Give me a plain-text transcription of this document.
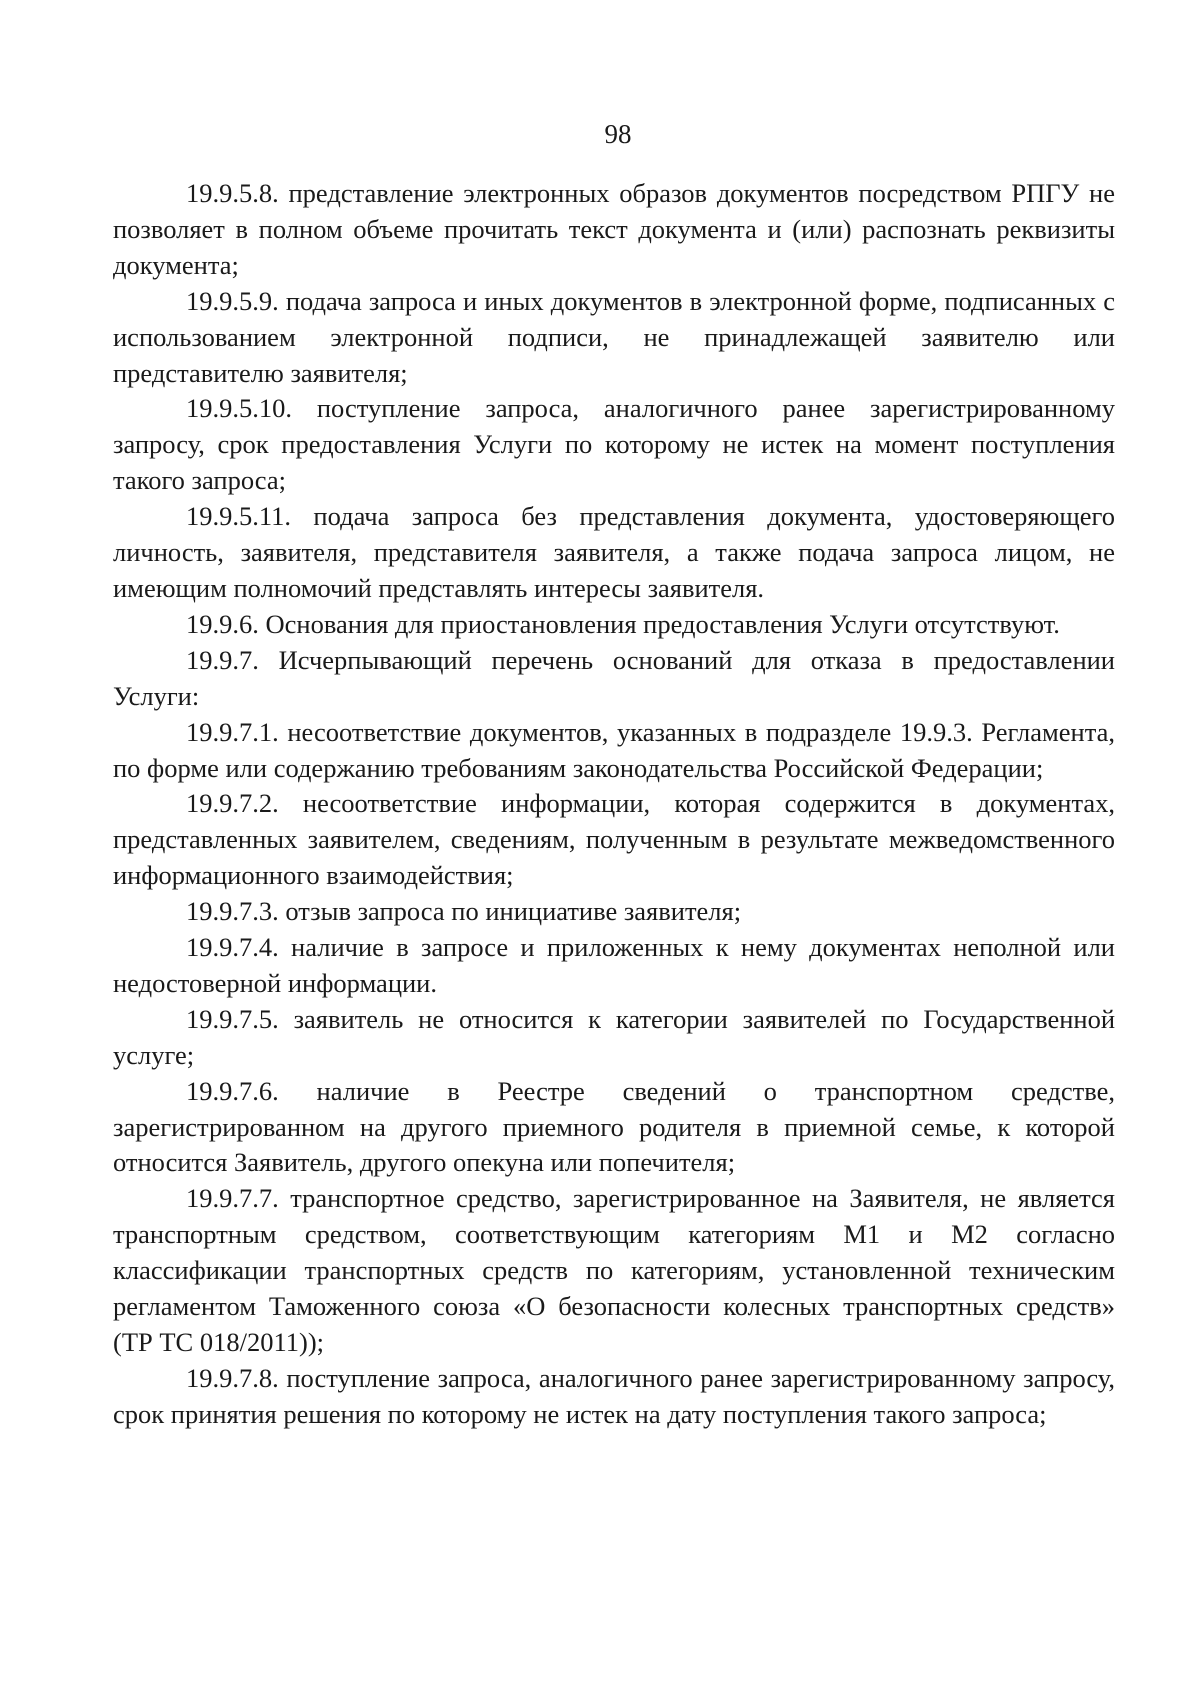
98

19.9.5.8. представление электронных образов документов посредством РПГУ не позволяет в полном объеме прочитать текст документа и (или) распознать реквизиты документа;

19.9.5.9. подача запроса и иных документов в электронной форме, подписанных с использованием электронной подписи, не принадлежащей заявителю или представителю заявителя;

19.9.5.10. поступление запроса, аналогичного ранее зарегистрированному запросу, срок предоставления Услуги по которому не истек на момент поступления такого запроса;

19.9.5.11. подача запроса без представления документа, удостоверяющего личность, заявителя, представителя заявителя, а также подача запроса лицом, не имеющим полномочий представлять интересы заявителя.

19.9.6. Основания для приостановления предоставления Услуги отсутствуют.

19.9.7. Исчерпывающий перечень оснований для отказа в предоставлении Услуги:

19.9.7.1. несоответствие документов, указанных в подразделе 19.9.3. Регламента, по форме или содержанию требованиям законодательства Российской Федерации;

19.9.7.2. несоответствие информации, которая содержится в документах, представленных заявителем, сведениям, полученным в результате межведомственного информационного взаимодействия;

19.9.7.3. отзыв запроса по инициативе заявителя;

19.9.7.4. наличие в запросе и приложенных к нему документах неполной или недостоверной информации.

19.9.7.5. заявитель не относится к категории заявителей по Государственной услуге;

19.9.7.6. наличие в Реестре сведений о транспортном средстве, зарегистрированном на другого приемного родителя в приемной семье, к которой относится Заявитель, другого опекуна или попечителя;

19.9.7.7. транспортное средство, зарегистрированное на Заявителя, не является транспортным средством, соответствующим категориям М1 и М2 согласно классификации транспортных средств по категориям, установленной техническим регламентом Таможенного союза «О безопасности колесных транспортных средств» (ТР ТС 018/2011));

19.9.7.8. поступление запроса, аналогичного ранее зарегистрированному запросу, срок принятия решения по которому не истек на дату поступления такого запроса;
